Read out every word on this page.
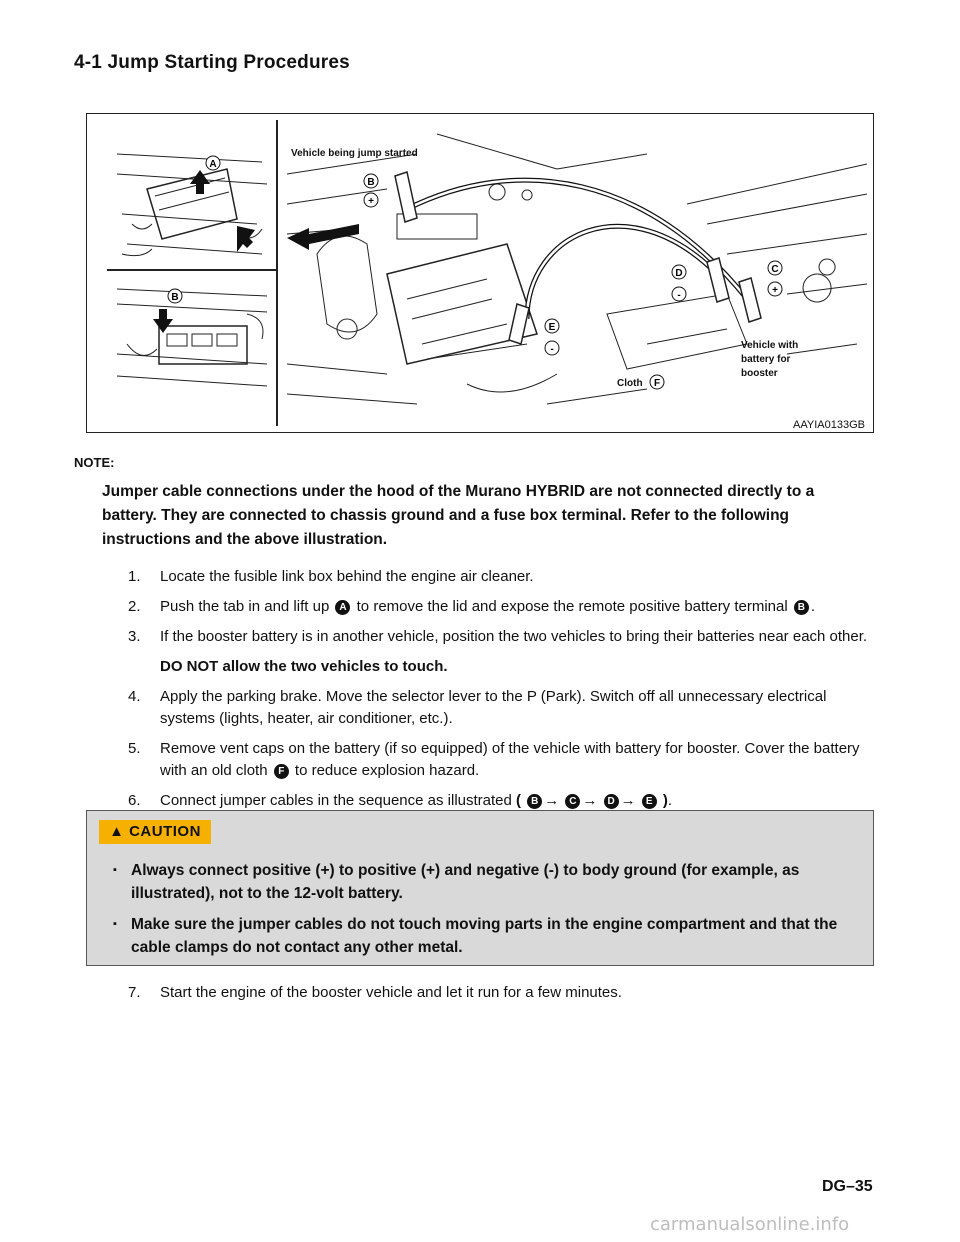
4-1 Jump Starting Procedures
A
B
B
+
C
+
D
-
E
-
F
Vehicle being jump started
Cloth
Vehicle with
battery for
booster
AAYIA0133GB
NOTE:
Jumper cable connections under the hood of the Murano HYBRID are not connected directly to a battery. They are connected to chassis ground and a fuse box terminal. Refer to the following instructions and the above illustration.
1. Locate the fusible link box behind the engine air cleaner.
2. Push the tab in and lift up A to remove the lid and expose the remote positive battery terminal B .
3. If the booster battery is in another vehicle, position the two vehicles to bring their batteries near each other.
DO NOT allow the two vehicles to touch.
4. Apply the parking brake. Move the selector lever to the P (Park). Switch off all unnecessary electrical systems (lights, heater, air conditioner, etc.).
5. Remove vent caps on the battery (if so equipped) of the vehicle with battery for booster. Cover the battery with an old cloth F to reduce explosion hazard.
6. Connect jumper cables in the sequence as illustrated ( B → C → D → E ).
▲ CAUTION
▪ Always connect positive (+) to positive (+) and negative (-) to body ground (for example, as illustrated), not to the 12-volt battery.
▪ Make sure the jumper cables do not touch moving parts in the engine compartment and that the cable clamps do not contact any other metal.
7. Start the engine of the booster vehicle and let it run for a few minutes.
DG–35
carmanualsonline.info
